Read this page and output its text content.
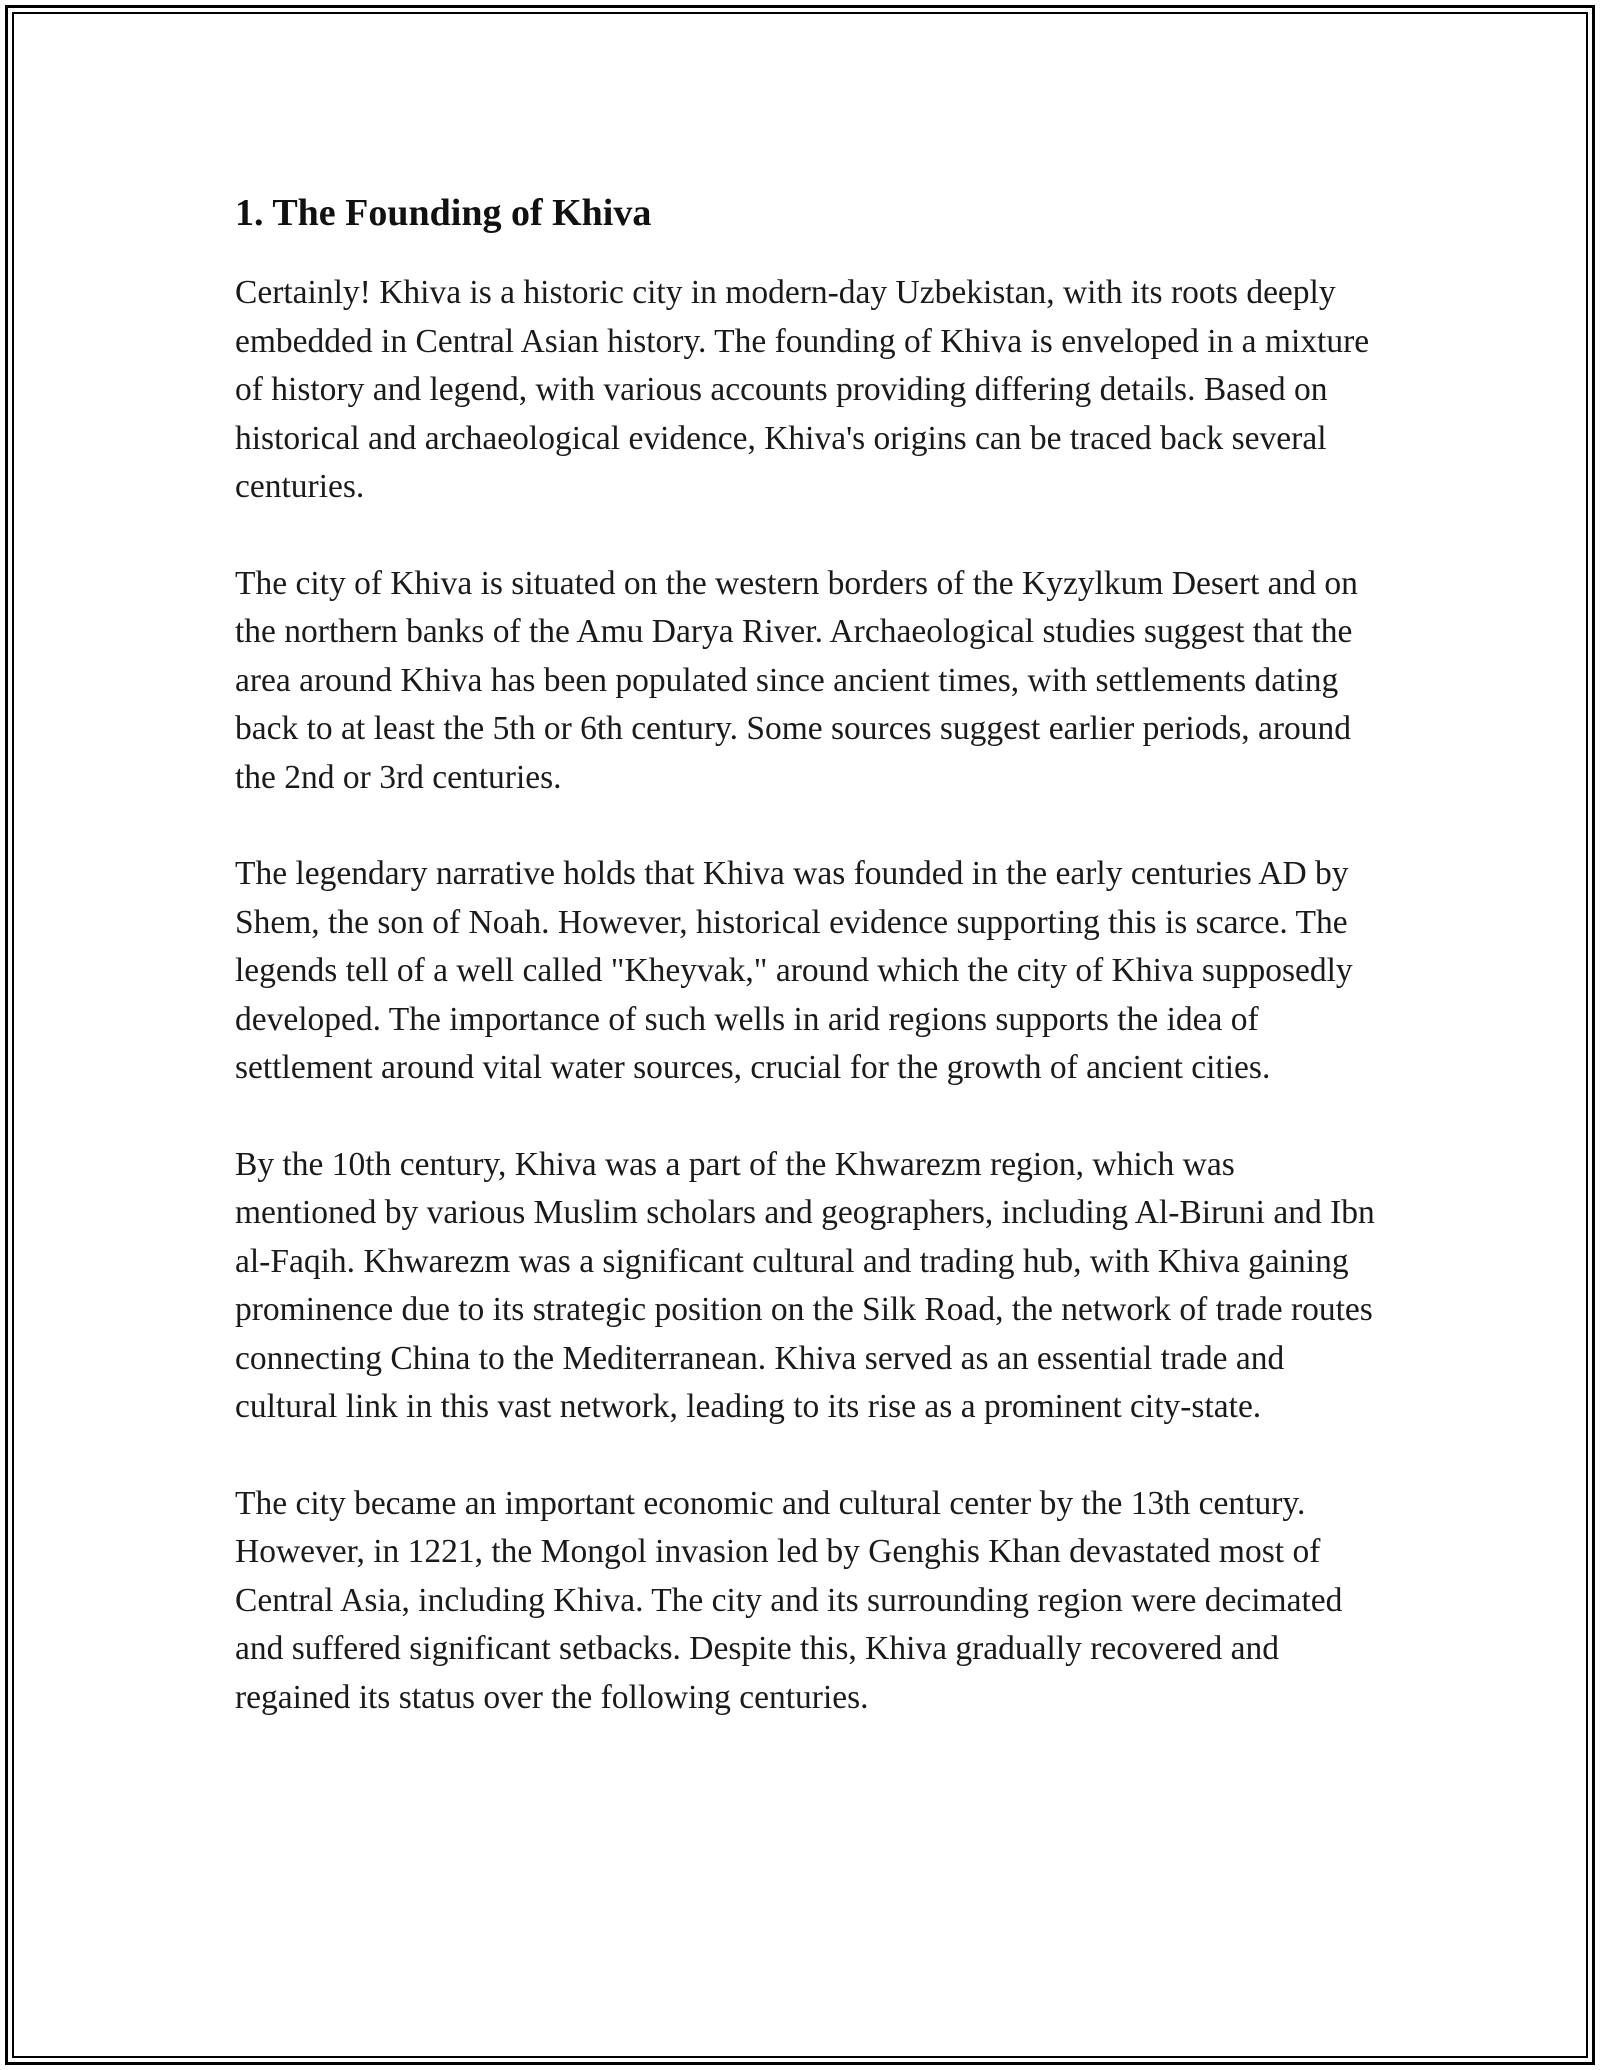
1. The Founding of Khiva

Certainly! Khiva is a historic city in modern-day Uzbekistan, with its roots deeply embedded in Central Asian history. The founding of Khiva is enveloped in a mixture of history and legend, with various accounts providing differing details. Based on historical and archaeological evidence, Khiva's origins can be traced back several centuries.

The city of Khiva is situated on the western borders of the Kyzylkum Desert and on the northern banks of the Amu Darya River. Archaeological studies suggest that the area around Khiva has been populated since ancient times, with settlements dating back to at least the 5th or 6th century. Some sources suggest earlier periods, around the 2nd or 3rd centuries.

The legendary narrative holds that Khiva was founded in the early centuries AD by Shem, the son of Noah. However, historical evidence supporting this is scarce. The legends tell of a well called "Kheyvak," around which the city of Khiva supposedly developed. The importance of such wells in arid regions supports the idea of settlement around vital water sources, crucial for the growth of ancient cities.

By the 10th century, Khiva was a part of the Khwarezm region, which was mentioned by various Muslim scholars and geographers, including Al-Biruni and Ibn al-Faqih. Khwarezm was a significant cultural and trading hub, with Khiva gaining prominence due to its strategic position on the Silk Road, the network of trade routes connecting China to the Mediterranean. Khiva served as an essential trade and cultural link in this vast network, leading to its rise as a prominent city-state.

The city became an important economic and cultural center by the 13th century. However, in 1221, the Mongol invasion led by Genghis Khan devastated most of Central Asia, including Khiva. The city and its surrounding region were decimated and suffered significant setbacks. Despite this, Khiva gradually recovered and regained its status over the following centuries.
